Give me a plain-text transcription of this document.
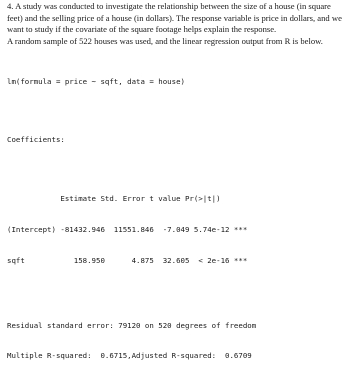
4. A study was conducted to investigate the relationship between the size of a house (in square

feet) and the selling price of a house (in dollars). The response variable is price in dollars, and we

want to study if the covariate of the square footage helps explain the response.

A random sample of 522 houses was used, and the linear regression output from R is below.

lm(formula = price ~ sqft, data = house)

Coefficients:

Estimate Std. Error t value Pr(>|t|)

(Intercept) -81432.946  11551.846  -7.049 5.74e-12 ***

sqft           158.950      4.875  32.605  < 2e-16 ***

Residual standard error: 79120 on 520 degrees of freedom

Multiple R-squared:  0.6715,Adjusted R-squared:  0.6709
